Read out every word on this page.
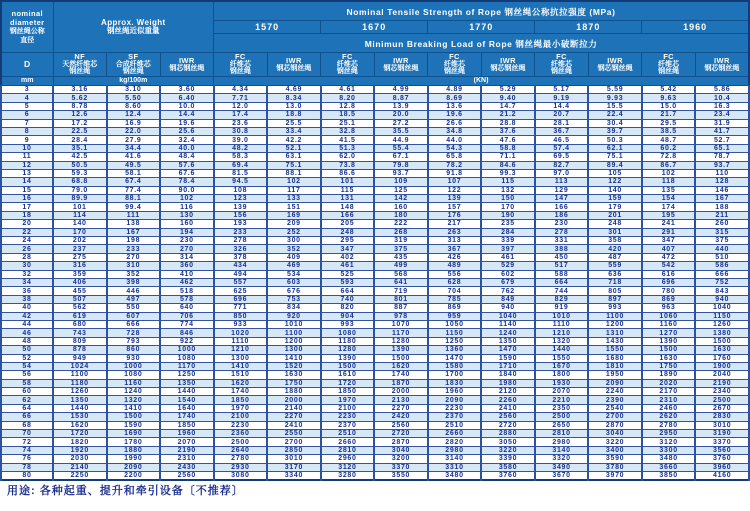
nominal
diameter
钢丝绳公称
直径	Approx. Weight
钢丝绳近似重量			Nominal Tensile Strength of Rope 钢丝绳公称抗拉强度 (MPa)									
				1570		1670		1770		1870		1960	
				Minimun Breaking Load of Rope 钢丝绳最小破断拉力									

D	NF
天然纤维芯
钢丝绳	SF
合成纤维芯
钢丝绳	IWR
钢芯钢丝绳	FC
纤维芯
钢丝绳	IWR
钢芯钢丝绳	FC
纤维芯
钢丝绳	IWR
钢芯钢丝绳	FC
纤维芯
钢丝绳	IWR
钢芯钢丝绳	FC
纤维芯
钢丝绳	IWR
钢芯钢丝绳	FC
纤维芯
钢丝绳	IWR
钢芯钢丝绳

mm	kg/100m			(KN)									
3	3.16	3.10	3.60	4.34	4.69	4.61	4.99	4.89	5.29	5.17	5.59	5.42	5.86
4	5.62	5.50	6.40	7.71	8.34	8.20	8.87	8.69	9.40	9.19	9.93	9.63	10.4
5	8.78	8.60	10.0	12.0	13.0	12.8	13.9	13.6	14.7	14.4	15.5	15.0	16.3
6	12.6	12.4	14.4	17.4	18.8	18.5	20.0	19.6	21.2	20.7	22.4	21.7	23.4
7	17.2	16.9	19.6	23.6	25.5	25.1	27.2	26.6	28.8	28.1	30.4	29.5	31.9
8	22.5	22.0	25.6	30.8	33.4	32.8	35.5	34.8	37.6	36.7	39.7	38.5	41.7
9	28.4	27.9	32.4	39.0	42.2	41.5	44.9	44.0	47.6	46.5	50.3	48.7	52.7
10	35.1	34.4	40.0	48.2	52.1	51.3	55.4	54.3	58.8	57.4	62.1	60.2	65.1
11	42.5	41.6	48.4	58.3	63.1	62.0	67.1	65.8	71.1	69.5	75.1	72.8	78.7
12	50.5	49.5	57.6	69.4	75.1	73.8	79.8	78.2	84.6	82.7	89.4	86.7	93.7
13	59.3	58.1	67.6	81.5	88.1	86.6	93.7	91.8	99.3	97.0	105	102	110
14	68.8	67.4	78.4	94.5	102	101	109	107	115	113	122	118	128
15	79.0	77.4	90.0	108	117	115	125	122	132	129	140	135	146
16	89.9	88.1	102	123	133	131	142	139	150	147	159	154	167
17	101	99.4	116	139	151	148	160	157	170	166	179	174	188
18	114	111	130	156	169	166	180	176	190	186	201	195	211
20	140	138	160	193	209	205	222	217	235	230	248	241	260
22	170	167	194	233	252	248	268	263	284	278	301	291	315
24	202	198	230	278	300	295	319	313	339	331	358	347	375
26	237	233	270	326	352	347	375	367	397	388	420	407	440
28	275	270	314	378	409	402	435	426	461	450	487	472	510
30	316	310	360	434	469	461	499	489	529	517	559	542	586
32	359	352	410	494	534	525	568	556	602	588	636	616	666
34	406	398	462	557	603	593	641	628	679	664	718	696	752
36	455	446	518	625	676	664	719	704	762	744	805	780	843
38	507	497	578	696	753	740	801	785	849	829	897	869	940
40	562	550	640	771	834	820	887	869	940	919	993	963	1040
42	619	607	706	850	920	904	978	959	1040	1010	1100	1060	1150
44	680	666	774	933	1010	993	1070	1050	1140	1110	1200	1160	1260
46	743	728	846	1020	1100	1080	1170	1150	1240	1210	1310	1270	1380
48	809	793	922	1110	1200	1180	1280	1250	1350	1320	1430	1390	1500
50	878	860	1000	1210	1300	1280	1390	1360	1470	1440	1550	1500	1630
52	949	930	1080	1300	1410	1390	1500	1470	1590	1550	1680	1630	1760
54	1024	1000	1170	1410	1520	1500	1620	1580	1710	1670	1810	1750	1900
56	1100	1080	1250	1510	1630	1610	1740	1700	1840	1800	1950	1890	2040
58	1180	1160	1350	1620	1750	1720	1870	1830	1980	1930	2090	2020	2190
60	1260	1240	1440	1740	1880	1850	2000	1960	2120	2070	2240	2170	2340
62	1350	1320	1540	1850	2000	1970	2130	2090	2260	2210	2390	2310	2500
64	1440	1410	1640	1970	2140	2100	2270	2230	2410	2350	2540	2460	2670
66	1530	1500	1740	2100	2270	2230	2420	2370	2560	2500	2700	2620	2830
68	1620	1590	1850	2230	2410	2370	2560	2510	2720	2650	2870	2780	3010
70	1720	1690	1960	2360	2550	2510	2720	2660	2880	2810	3040	2950	3190
72	1820	1780	2070	2500	2700	2660	2870	2820	3050	2980	3220	3120	3370
74	1920	1880	2190	2640	2850	2810	3040	2980	3220	3140	3400	3300	3560
76	2030	1990	2310	2780	3010	2960	3200	3140	3390	3320	3590	3480	3760
78	2140	2090	2430	2930	3170	3120	3370	3310	3580	3490	3780	3660	3960
80	2250	2200	2560	3080	3340	3280	3550	3480	3760	3670	3970	3850	4160
用途: 各种起重、提升和牵引设备〔不推荐〕
